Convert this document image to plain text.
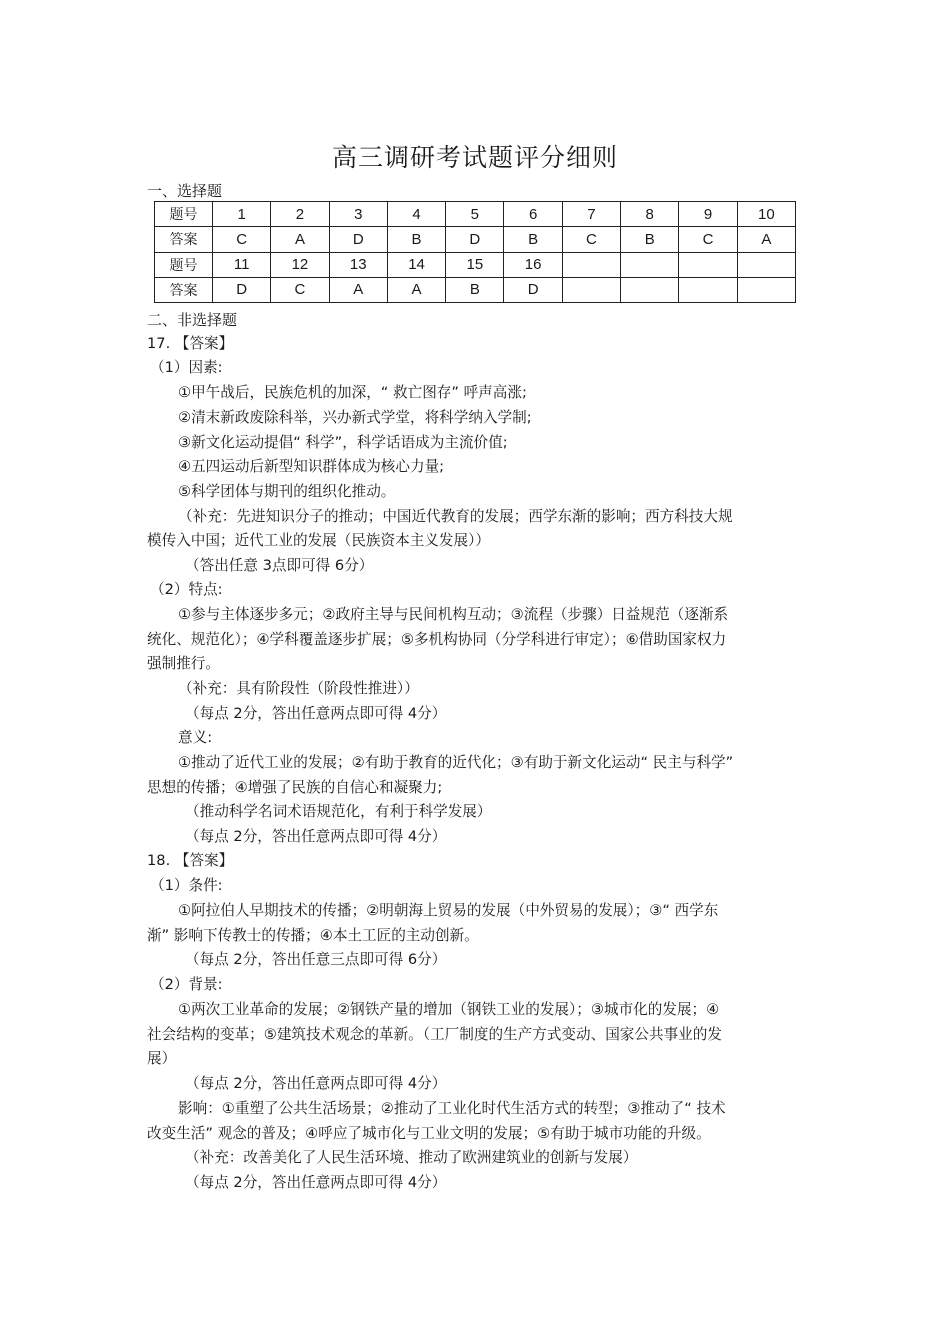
高三调研考试题评分细则
一、选择题
题号	1	2	3	4	5	6	7	8	9	10
答案	C	A	D	B	D	B	C	B	C	A
题号	11	12	13	14	15	16				
答案	D	C	A	A	B	D				
二、非选择题
17. 【答案】
（1）因素:
①甲午战后，民族危机的加深，“ 救亡图存” 呼声高涨;
②清末新政废除科举，兴办新式学堂，将科学纳入学制;
③新文化运动提倡“ 科学”，科学话语成为主流价值;
④五四运动后新型知识群体成为核心力量;
⑤科学团体与期刊的组织化推动。
（补充：先进知识分子的推动；中国近代教育的发展；西学东渐的影响；西方科技大规
模传入中国；近代工业的发展（民族资本主义发展））
（答出任意 3点即可得 6分）
（2）特点:
①参与主体逐步多元；②政府主导与民间机构互动；③流程（步骤）日益规范（逐渐系
统化、规范化）；④学科覆盖逐步扩展；⑤多机构协同（分学科进行审定）；⑥借助国家权力
强制推行。
（补充：具有阶段性（阶段性推进））
（每点 2分，答出任意两点即可得 4分）
意义:
①推动了近代工业的发展；②有助于教育的近代化；③有助于新文化运动“ 民主与科学”
思想的传播；④增强了民族的自信心和凝聚力;
（推动科学名词术语规范化，有利于科学发展）
（每点 2分，答出任意两点即可得 4分）
18. 【答案】
（1）条件:
①阿拉伯人早期技术的传播；②明朝海上贸易的发展（中外贸易的发展）；③“ 西学东
渐” 影响下传教士的传播；④本土工匠的主动创新。
（每点 2分，答出任意三点即可得 6分）
（2）背景:
①两次工业革命的发展；②钢铁产量的增加（钢铁工业的发展）；③城市化的发展；④
社会结构的变革；⑤建筑技术观念的革新。（工厂制度的生产方式变动、国家公共事业的发
展）
（每点 2分，答出任意两点即可得 4分）
影响：①重塑了公共生活场景；②推动了工业化时代生活方式的转型；③推动了“ 技术
改变生活” 观念的普及；④呼应了城市化与工业文明的发展；⑤有助于城市功能的升级。
（补充：改善美化了人民生活环境、推动了欧洲建筑业的创新与发展）
（每点 2分，答出任意两点即可得 4分）
